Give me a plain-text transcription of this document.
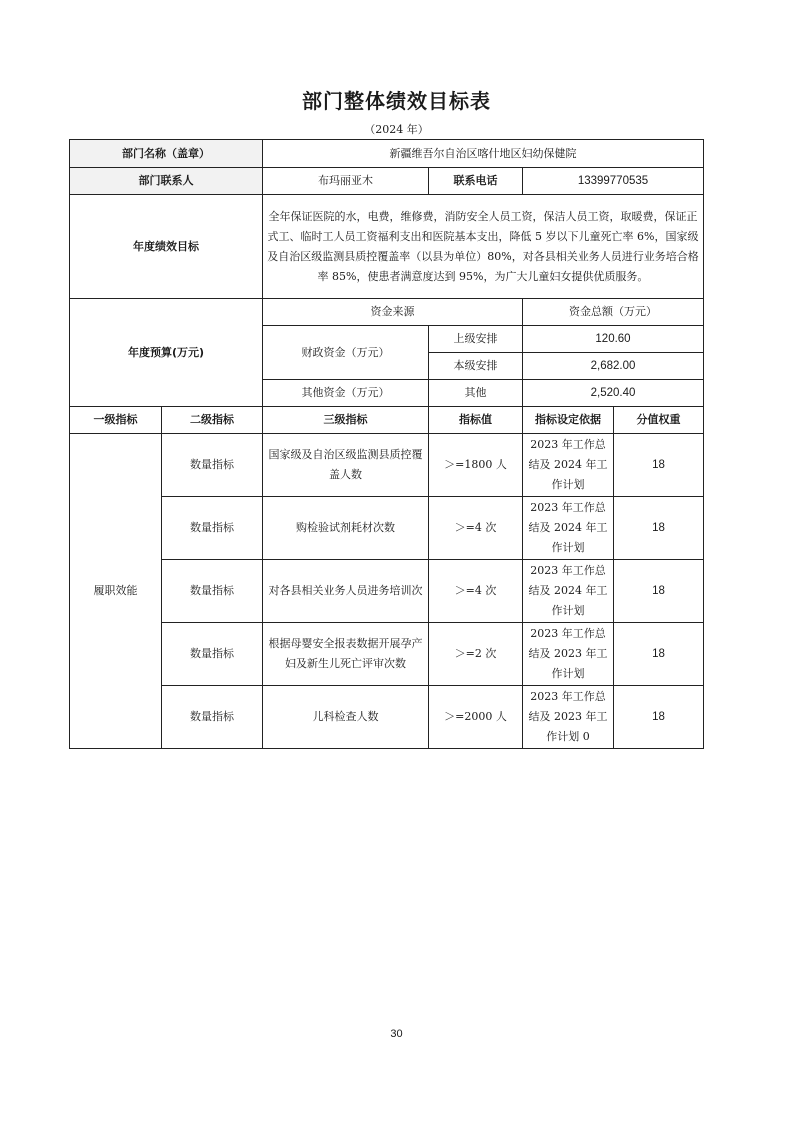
部门整体绩效目标表
（2024 年）
部门名称（盖章）		新疆维吾尔自治区喀什地区妇幼保健院			
部门联系人		布玛丽亚木	联系电话	13399770535	
年度绩效目标		全年保证医院的水，电费，维修费，消防安全人员工资，保洁人员工资，取暖费，保证正式工、临时工人员工资福利支出和医院基本支出，降低 5 岁以下儿童死亡率 6%，国家级及自治区级监测县质控覆盖率（以县为单位）80%，对各县相关业务人员进行业务培合格率 85%，使患者满意度达到 95%，为广大儿童妇女提供优质服务。			
年度预算(万元)		资金来源		资金总额（万元）	
		财政资金（万元）	上级安排	120.60	
			本级安排	2,682.00	
		其他资金（万元）	其他	2,520.40	
一级指标	二级指标	三级指标	指标值	指标设定依据	分值权重
履职效能	数量指标	国家级及自治区级监测县质控覆盖人数	＞=1800 人	2023 年工作总结及 2024 年工作计划	18
	数量指标	购检验试剂耗材次数	＞=4 次	2023 年工作总结及 2024 年工作计划	18
	数量指标	对各县相关业务人员进务培训次	＞=4 次	2023 年工作总结及 2024 年工作计划	18
	数量指标	根据母婴安全报表数据开展孕产妇及新生儿死亡评审次数	＞=2 次	2023 年工作总结及 2023 年工作计划	18
	数量指标	儿科检查人数	＞=2000 人	2023 年工作总结及 2023 年工作计划 0	18
30
